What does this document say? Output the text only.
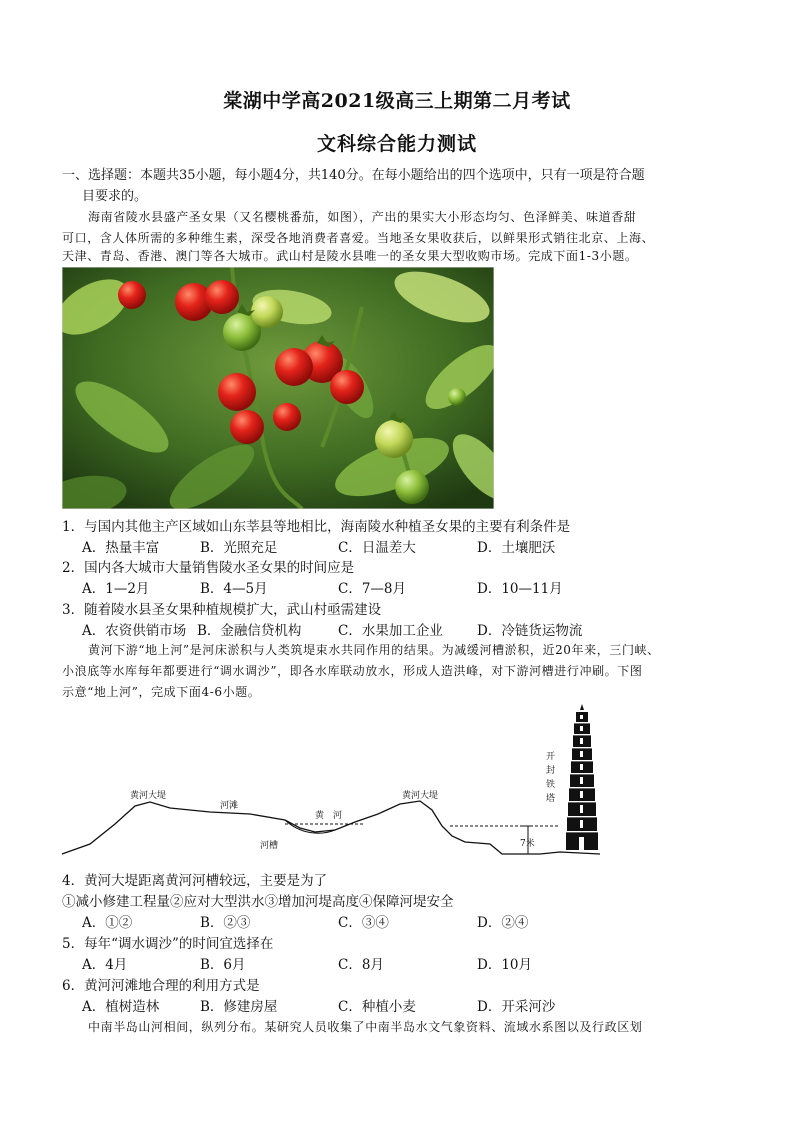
棠湖中学高2021级高三上期第二月考试
文科综合能力测试
一、选择题：本题共35小题，每小题4分，共140分。在每小题给出的四个选项中，只有一项是符合题
目要求的。
海南省陵水县盛产圣女果（又名樱桃番茄，如图），产出的果实大小形态均匀、色泽鲜美、味道香甜
可口，含人体所需的多种维生素，深受各地消费者喜爱。当地圣女果收获后，以鲜果形式销往北京、上海、
天津、青岛、香港、澳门等各大城市。武山村是陵水县唯一的圣女果大型收购市场。完成下面1-3小题。
1．与国内其他主产区域如山东莘县等地相比，海南陵水种植圣女果的主要有利条件是
A．热量丰富	B．光照充足	C．日温差大	D．土壤肥沃
2．国内各大城市大量销售陵水圣女果的时间应是
A．1—2月	B．4—5月	C．7—8月	D．10—11月
3．随着陵水县圣女果种植规模扩大，武山村亟需建设
A．农资供销市场 B．金融信贷机构	C．水果加工企业	D．冷链货运物流
黄河下游“地上河”是河床淤积与人类筑堤束水共同作用的结果。为减缓河槽淤积，近20年来，三门峡、
小浪底等水库每年都要进行“调水调沙”，即各水库联动放水，形成人造洪峰，对下游河槽进行冲刷。下图
示意“地上河”，完成下面4-6小题。
黄河大堤
河滩
黄　河
河槽
黄河大堤
7米
开
封
铁
塔
4．黄河大堤距离黄河河槽较远，主要是为了
①减小修建工程量②应对大型洪水③增加河堤高度④保障河堤安全
A．①②	B．②③	C．③④	D．②④
5．每年“调水调沙”的时间宜选择在
A．4月	B．6月	C．8月	D．10月
6．黄河河滩地合理的利用方式是
A．植树造林	B．修建房屋	C．种植小麦	D．开采河沙
中南半岛山河相间，纵列分布。某研究人员收集了中南半岛水文气象资料、流域水系图以及行政区划
